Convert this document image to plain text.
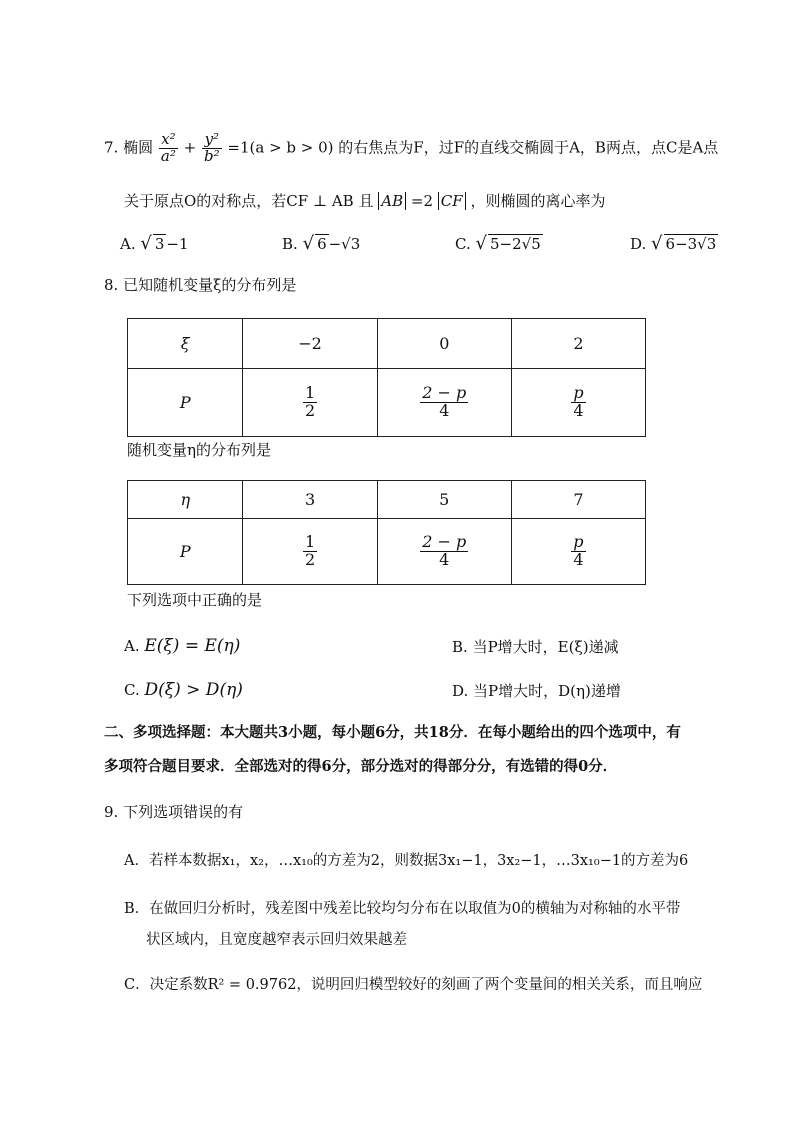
7. 椭圆 $\frac{\text{x²}}{\text{a²}} + \frac{\text{y²}}{\text{b²}} =1(a > b > 0)$ 的右焦点为F，过F的直线交椭圆于A，B两点，点C是A点
关于原点O的对称点，若CF ⊥ AB 且 AB =2 CF ，则椭圆的离心率为
A. √ 3 −1	B. √ 6 −√3	C. √ 5−2√5	D. √ 6−3√3
8. 已知随机变量ξ的分布列是
ξ	−2	0	2
P	$\frac{1}{2}$	$\frac{2 - p}{4}$	$\frac{p}{4}$
随机变量η的分布列是
η	3	5	7
P	$\frac{1}{2}$	$\frac{2 - p}{4}$	$\frac{p}{4}$
下列选项中正确的是
A. E(ξ) = E(η)	B. 当P增大时，E(ξ)递减
C. D(ξ) > D(η)	D. 当P增大时，D(η)递增
二、多项选择题：本大题共3小题，每小题6分，共18分．在每小题给出的四个选项中，有
多项符合题目要求．全部选对的得6分，部分选对的得部分分，有选错的得0分．
9. 下列选项错误的有
A．若样本数据x₁，x₂，…x₁₀的方差为2，则数据3x₁−1，3x₂−1，…3x₁₀−1的方差为6
B．在做回归分析时，残差图中残差比较均匀分布在以取值为0的横轴为对称轴的水平带
状区域内，且宽度越窄表示回归效果越差
C．决定系数R² = 0.9762，说明回归模型较好的刻画了两个变量间的相关关系，而且响应
